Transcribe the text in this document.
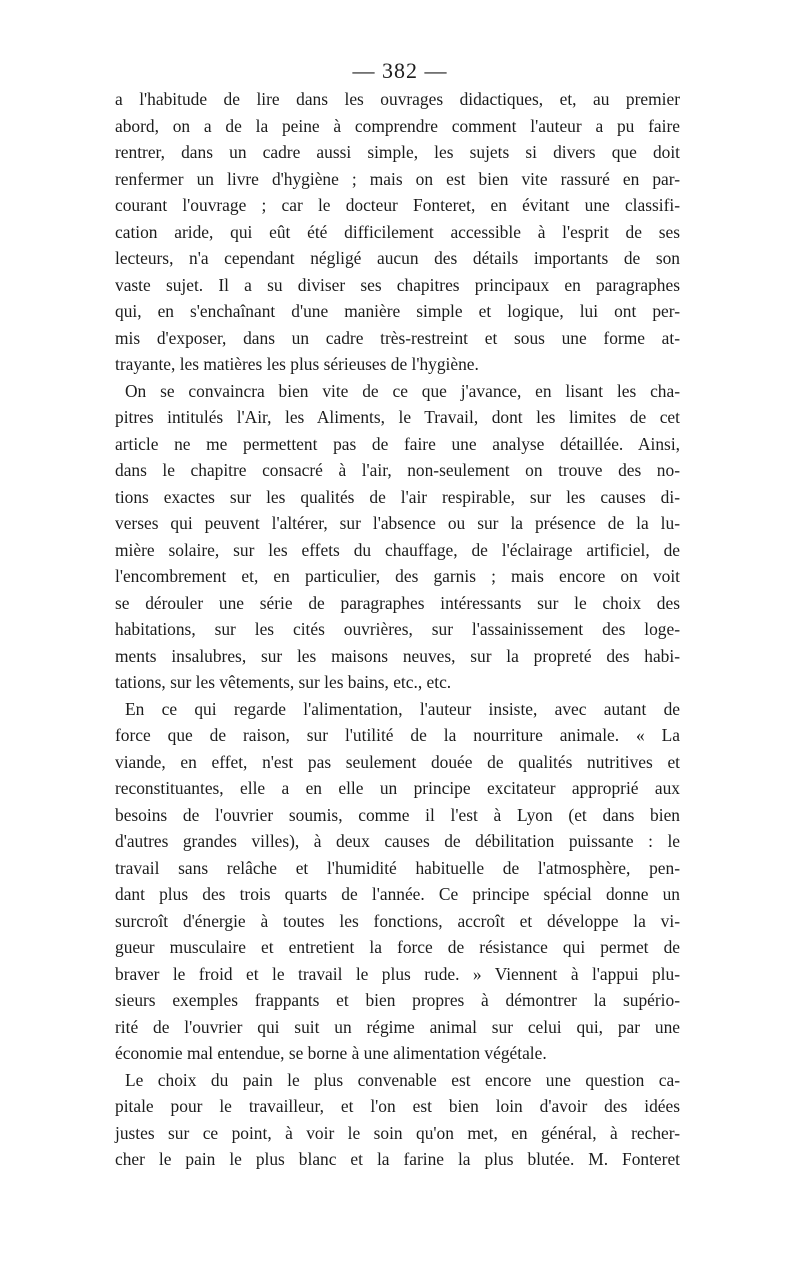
— 382 —
a l'habitude de lire dans les ouvrages didactiques, et, au premier
abord, on a de la peine à comprendre comment l'auteur a pu faire
rentrer, dans un cadre aussi simple, les sujets si divers que doit
renfermer un livre d'hygiène ; mais on est bien vite rassuré en par-
courant l'ouvrage ; car le docteur Fonteret, en évitant une classifi-
cation aride, qui eût été difficilement accessible à l'esprit de ses
lecteurs, n'a cependant négligé aucun des détails importants de son
vaste sujet. Il a su diviser ses chapitres principaux en paragraphes
qui, en s'enchaînant d'une manière simple et logique, lui ont per-
mis d'exposer, dans un cadre très-restreint et sous une forme at-
trayante, les matières les plus sérieuses de l'hygiène.
On se convaincra bien vite de ce que j'avance, en lisant les cha-
pitres intitulés l'Air, les Aliments, le Travail, dont les limites de cet
article ne me permettent pas de faire une analyse détaillée. Ainsi,
dans le chapitre consacré à l'air, non-seulement on trouve des no-
tions exactes sur les qualités de l'air respirable, sur les causes di-
verses qui peuvent l'altérer, sur l'absence ou sur la présence de la lu-
mière solaire, sur les effets du chauffage, de l'éclairage artificiel, de
l'encombrement et, en particulier, des garnis ; mais encore on voit
se dérouler une série de paragraphes intéressants sur le choix des
habitations, sur les cités ouvrières, sur l'assainissement des loge-
ments insalubres, sur les maisons neuves, sur la propreté des habi-
tations, sur les vêtements, sur les bains, etc., etc.
En ce qui regarde l'alimentation, l'auteur insiste, avec autant de
force que de raison, sur l'utilité de la nourriture animale. « La
viande, en effet, n'est pas seulement douée de qualités nutritives et
reconstituantes, elle a en elle un principe excitateur approprié aux
besoins de l'ouvrier soumis, comme il l'est à Lyon (et dans bien
d'autres grandes villes), à deux causes de débilitation puissante : le
travail sans relâche et l'humidité habituelle de l'atmosphère, pen-
dant plus des trois quarts de l'année. Ce principe spécial donne un
surcroît d'énergie à toutes les fonctions, accroît et développe la vi-
gueur musculaire et entretient la force de résistance qui permet de
braver le froid et le travail le plus rude. » Viennent à l'appui plu-
sieurs exemples frappants et bien propres à démontrer la supério-
rité de l'ouvrier qui suit un régime animal sur celui qui, par une
économie mal entendue, se borne à une alimentation végétale.
Le choix du pain le plus convenable est encore une question ca-
pitale pour le travailleur, et l'on est bien loin d'avoir des idées
justes sur ce point, à voir le soin qu'on met, en général, à recher-
cher le pain le plus blanc et la farine la plus blutée. M. Fonteret
